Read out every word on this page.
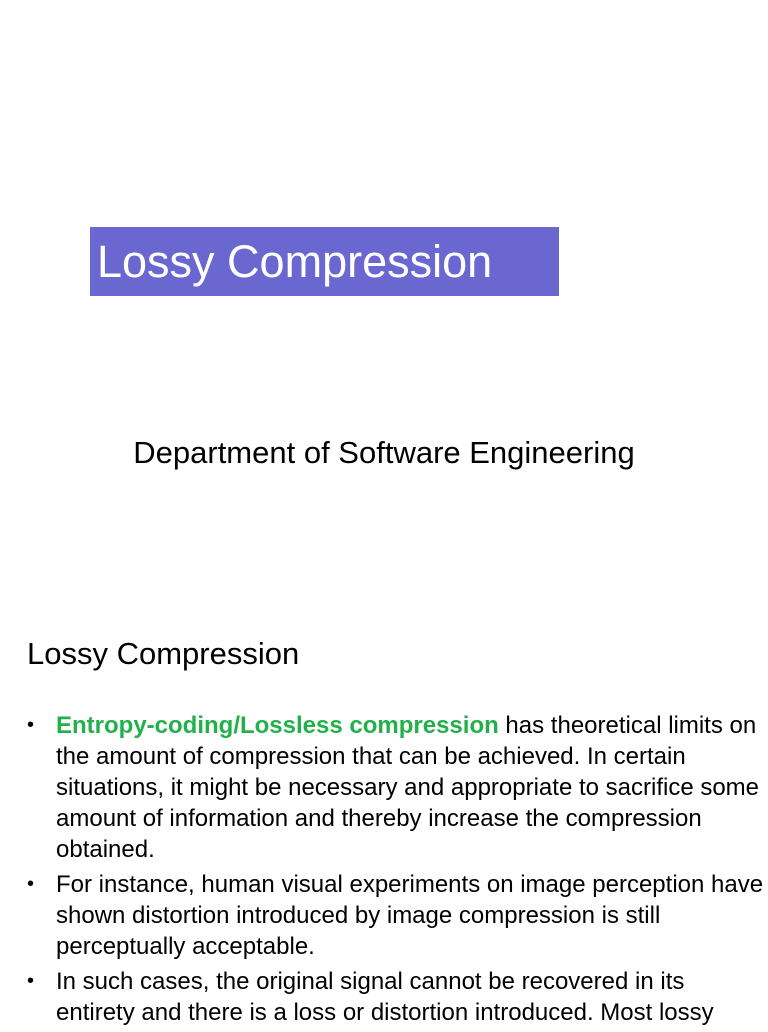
Lossy Compression
Department of Software Engineering
Lossy Compression
• Entropy-coding/Lossless compression has theoretical limits on the amount of compression that can be achieved. In certain situations, it might be necessary and appropriate to sacrifice some amount of information and thereby increase the compression obtained.
• For instance, human visual experiments on image perception have shown distortion introduced by image compression is still perceptually acceptable.
• In such cases, the original signal cannot be recovered in its entirety and there is a loss or distortion introduced. Most lossy
